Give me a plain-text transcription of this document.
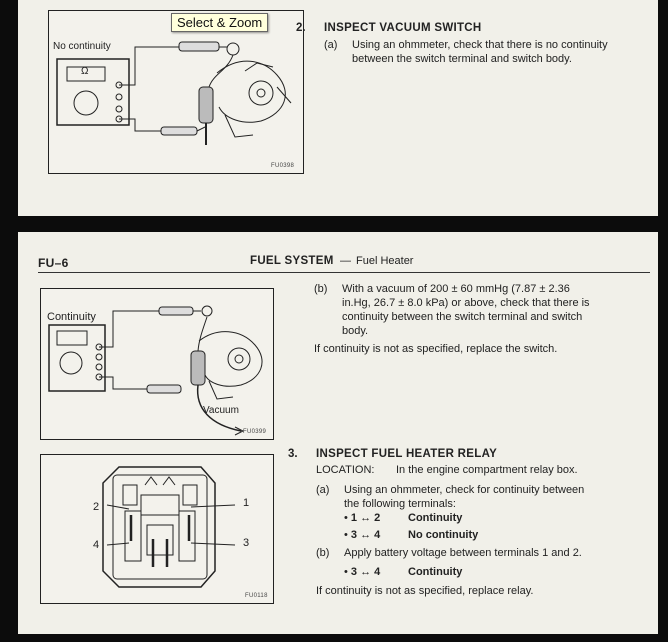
No continuity
Ω
FU0398
2. INSPECT VACUUM SWITCH
(a) Using an ohmmeter, check that there is no continuity
between the switch terminal and switch body.
FU–6	FUEL SYSTEM — Fuel Heater
Continuity
Vacuum
FU0399
(b) With a vacuum of 200 ± 60 mmHg (7.87 ± 2.36
in.Hg, 26.7 ± 8.0 kPa) or above, check that there is
continuity between the switch terminal and switch
body.
If continuity is not as specified, replace the switch.
1
2
3
4
FU0118
3. INSPECT FUEL HEATER RELAY
LOCATION: In the engine compartment relay box.
(a) Using an ohmmeter, check for continuity between
the following terminals:
• 1 ↔ 2	Continuity
• 3 ↔ 4	No continuity
(b) Apply battery voltage between terminals 1 and 2.
• 3 ↔ 4	Continuity
If continuity is not as specified, replace relay.
Select & Zoom
